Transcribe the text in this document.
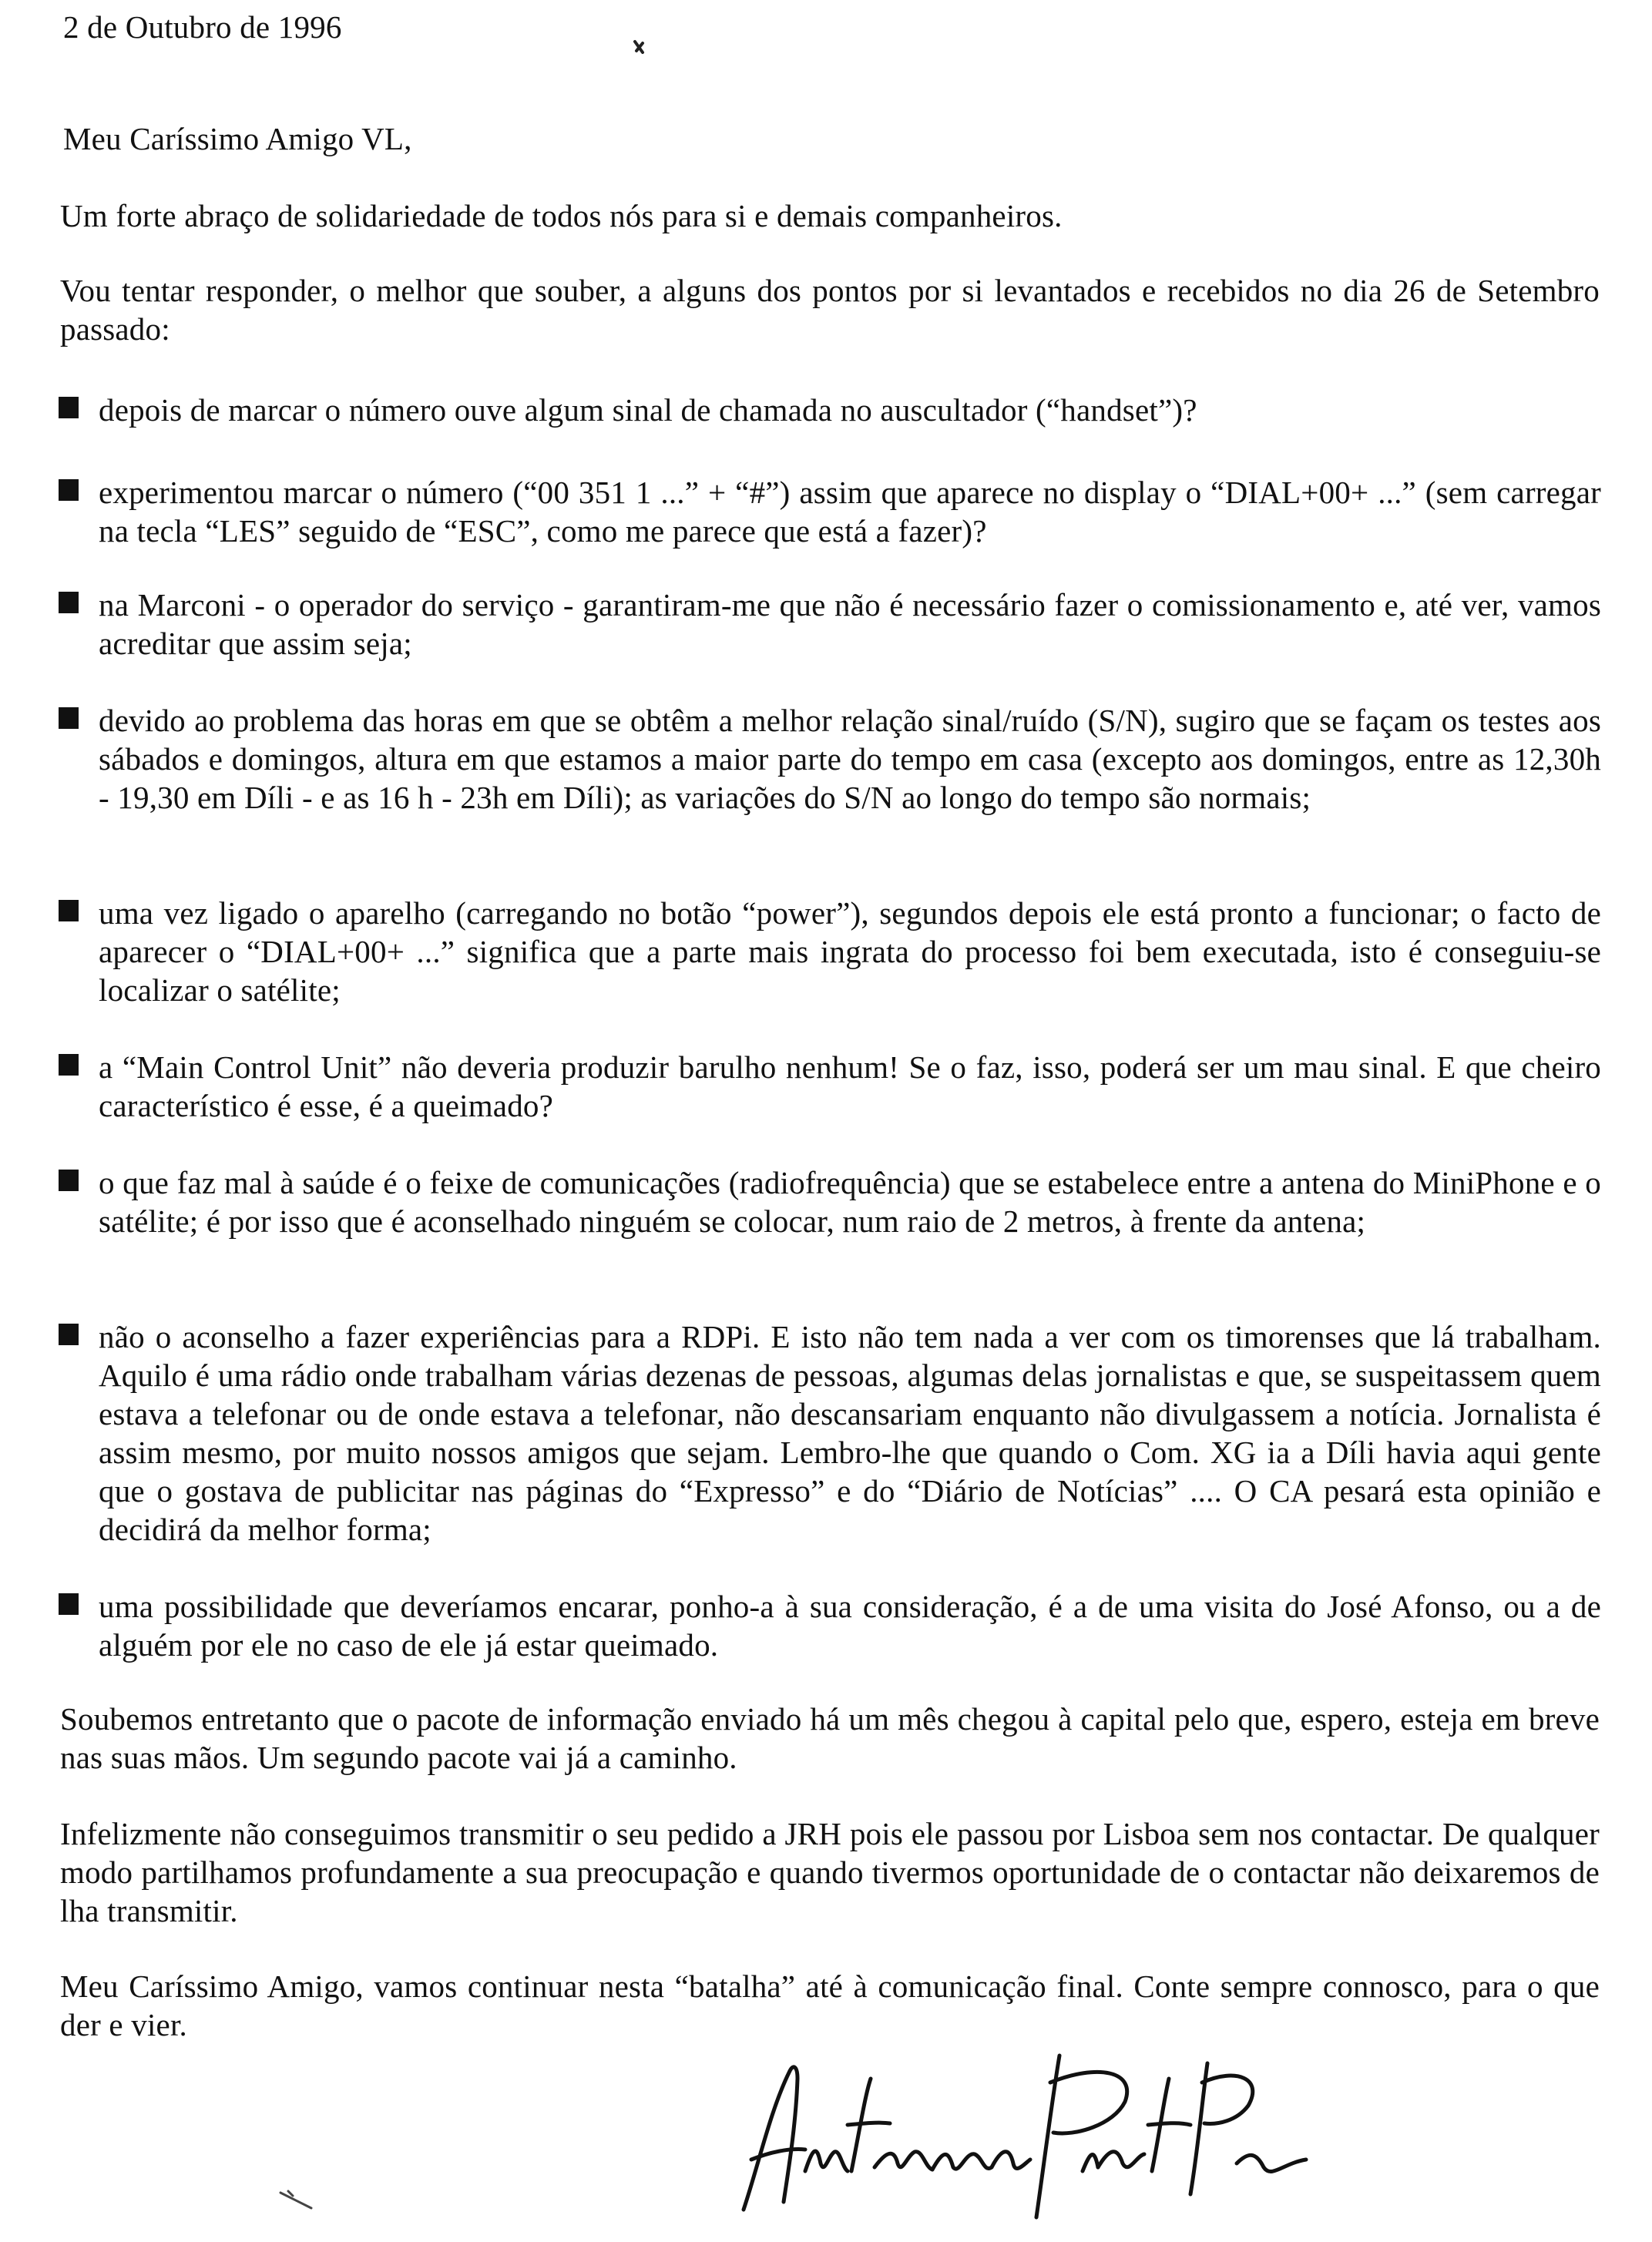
2 de Outubro de 1996
Meu Caríssimo Amigo VL,
Um forte abraço de solidariedade de todos nós para si e demais companheiros.
Vou tentar responder, o melhor que souber, a alguns dos pontos por si levantados e recebidos no dia 26 de Setembro passado:
depois de marcar o número ouve algum sinal de chamada no auscultador (“handset”)?
experimentou marcar o número (“00 351 1 ...” + “#”) assim que aparece no display o “DIAL+00+ ...” (sem carregar na tecla “LES” seguido de “ESC”, como me parece que está a fazer)?
na Marconi - o operador do serviço - garantiram-me que não é necessário fazer o comissionamento e, até ver, vamos acreditar que assim seja;
devido ao problema das horas em que se obtêm a melhor relação sinal/ruído (S/N), sugiro que se façam os testes aos sábados e domingos, altura em que estamos a maior parte do tempo em casa (excepto aos domingos, entre as 12,30h - 19,30 em Díli - e as 16 h - 23h em Díli); as variações do S/N ao longo do tempo são normais;
uma vez ligado o aparelho (carregando no botão “power”), segundos depois ele está pronto a funcionar; o facto de aparecer o “DIAL+00+ ...” significa que a parte mais ingrata do processo foi bem executada, isto é conseguiu-se localizar o satélite;
a “Main Control Unit” não deveria produzir barulho nenhum! Se o faz, isso, poderá ser um mau sinal. E que cheiro característico é esse, é a queimado?
o que faz mal à saúde é o feixe de comunicações (radiofrequência) que se estabelece entre a antena do MiniPhone e o satélite; é por isso que é aconselhado ninguém se colocar, num raio de 2 metros, à frente da antena;
não o aconselho a fazer experiências para a RDPi. E isto não tem nada a ver com os timorenses que lá trabalham. Aquilo é uma rádio onde trabalham várias dezenas de pessoas, algumas delas jornalistas e que, se suspeitassem quem estava a telefonar ou de onde estava a telefonar, não descansariam enquanto não divulgassem a notícia. Jornalista é assim mesmo, por muito nossos amigos que sejam. Lembro-lhe que quando o Com. XG ia a Díli havia aqui gente que o gostava de publicitar nas páginas do “Expresso” e do “Diário de Notícias” .... O CA pesará esta opinião e decidirá da melhor forma;
uma possibilidade que deveríamos encarar, ponho-a à sua consideração, é a de uma visita do José Afonso, ou a de alguém por ele no caso de ele já estar queimado.
Soubemos entretanto que o pacote de informação enviado há um mês chegou à capital pelo que, espero, esteja em breve nas suas mãos. Um segundo pacote vai já a caminho.
Infelizmente não conseguimos transmitir o seu pedido a JRH pois ele passou por Lisboa sem nos contactar. De qualquer modo partilhamos profundamente a sua preocupação e quando tivermos oportunidade de o contactar não deixaremos de lha transmitir.
Meu Caríssimo Amigo, vamos continuar nesta “batalha” até à comunicação final. Conte sempre connosco, para o que der e vier.
